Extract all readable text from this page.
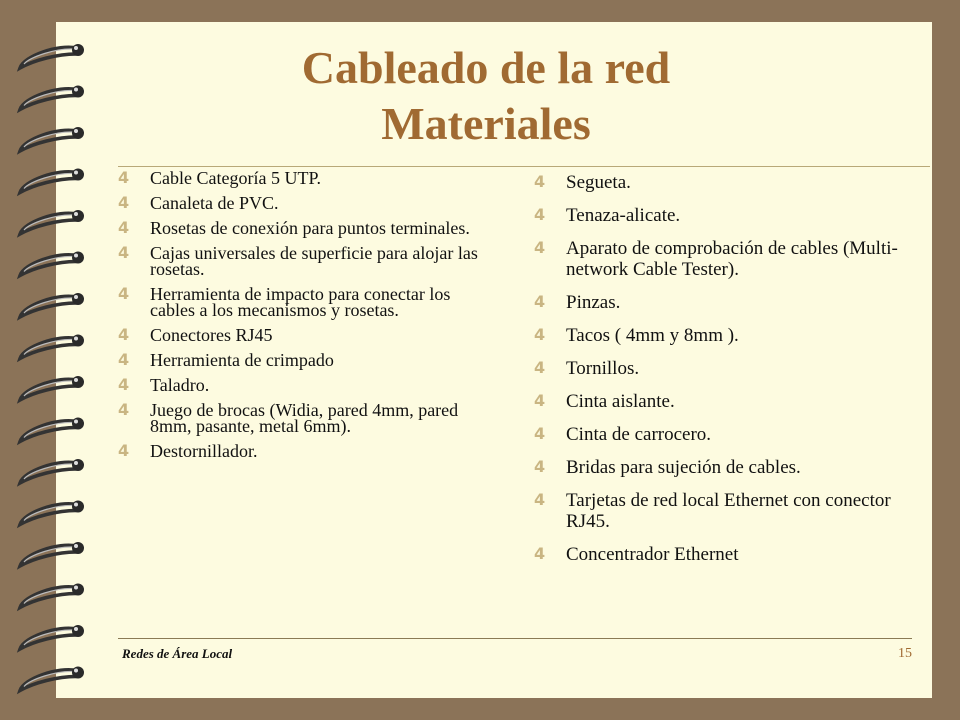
Cableado de la red
Materiales
4 Cable Categoría 5 UTP.
4 Canaleta de PVC.
4 Rosetas de conexión para puntos terminales.
4 Cajas universales de superficie para alojar las rosetas.
4 Herramienta de impacto para conectar los cables a los mecanismos y rosetas.
4 Conectores RJ45
4 Herramienta de crimpado
4 Taladro.
4 Juego de brocas (Widia, pared 4mm, pared 8mm, pasante, metal 6mm).
4 Destornillador.
4 Segueta.
4 Tenaza-alicate.
4 Aparato de comprobación de cables (Multi-network Cable Tester).
4 Pinzas.
4 Tacos ( 4mm y 8mm ).
4 Tornillos.
4 Cinta aislante.
4 Cinta de carrocero.
4 Bridas para sujeción de cables.
4 Tarjetas de red local Ethernet con conector RJ45.
4 Concentrador Ethernet
Redes de Área Local	15
